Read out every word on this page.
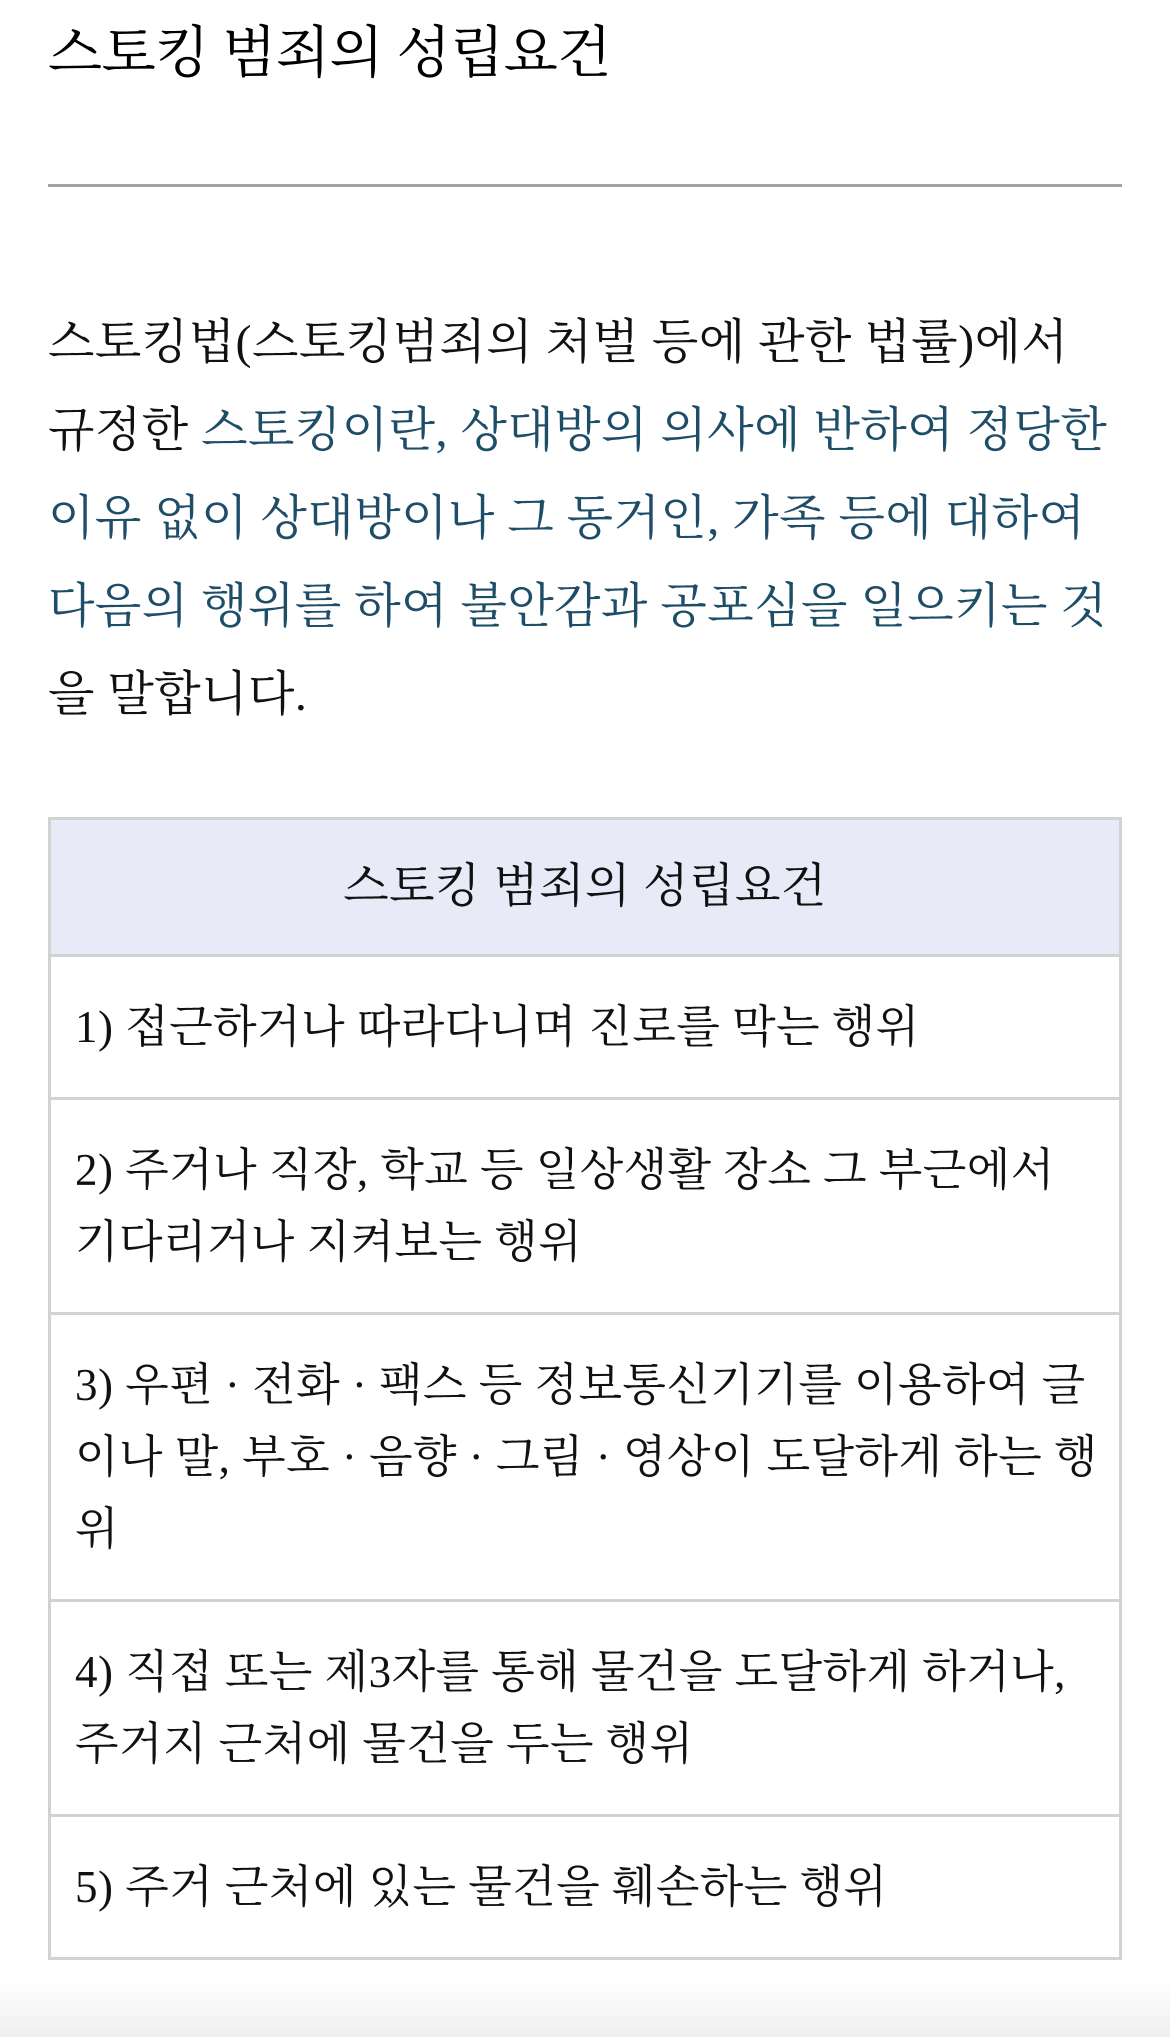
스토킹 범죄의 성립요건

스토킹법(스토킹범죄의 처벌 등에 관한 법률)에서 규정한 스토킹이란, 상대방의 의사에 반하여 정당한 이유 없이 상대방이나 그 동거인, 가족 등에 대하여 다음의 행위를 하여 불안감과 공포심을 일으키는 것을 말합니다.

스토킹 범죄의 성립요건
1) 접근하거나 따라다니며 진로를 막는 행위
2) 주거나 직장, 학교 등 일상생활 장소 그 부근에서 기다리거나 지켜보는 행위
3) 우편 · 전화 · 팩스 등 정보통신기기를 이용하여 글이나 말, 부호 · 음향 · 그림 · 영상이 도달하게 하는 행위
4) 직접 또는 제3자를 통해 물건을 도달하게 하거나, 주거지 근처에 물건을 두는 행위
5) 주거 근처에 있는 물건을 훼손하는 행위
